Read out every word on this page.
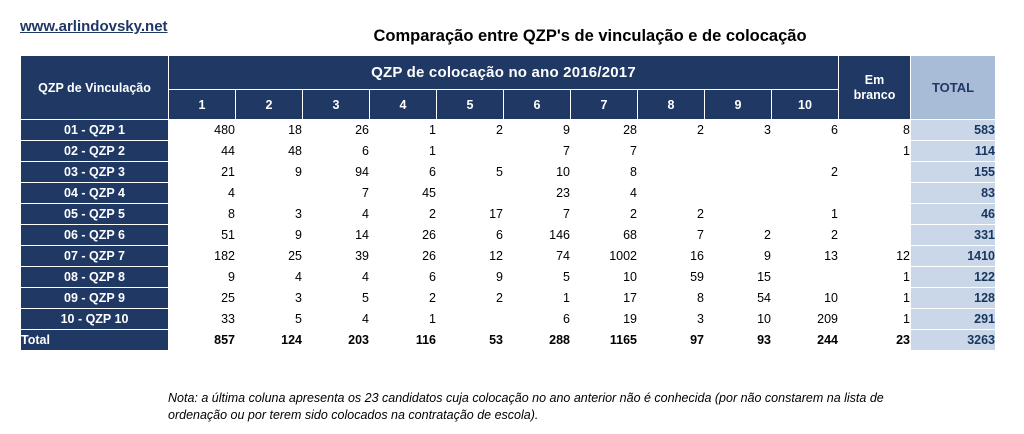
www.arlindovsky.net
Comparação entre QZP's de vinculação e de colocação
QZP de Vinculação	QZP de colocação no ano 2016/2017										Em
branco	TOTAL
	1	2	3	4	5	6	7	8	9	10		
01 - QZP 1	480	18	26	1	2	9	28	2	3	6	8	583
02 - QZP 2	44	48	6	1		7	7				1	114
03 - QZP 3	21	9	94	6	5	10	8			2		155
04 - QZP 4	4		7	45		23	4					83
05 - QZP 5	8	3	4	2	17	7	2	2		1		46
06 - QZP 6	51	9	14	26	6	146	68	7	2	2		331
07 - QZP 7	182	25	39	26	12	74	1002	16	9	13	12	1410
08 - QZP 8	9	4	4	6	9	5	10	59	15		1	122
09 - QZP 9	25	3	5	2	2	1	17	8	54	10	1	128
10 - QZP 10	33	5	4	1		6	19	3	10	209	1	291
Total	857	124	203	116	53	288	1165	97	93	244	23	3263
Nota: a última coluna apresenta os 23 candidatos cuja colocação no ano anterior não é conhecida (por não constarem na lista de ordenação ou por terem sido colocados na contratação de escola).
